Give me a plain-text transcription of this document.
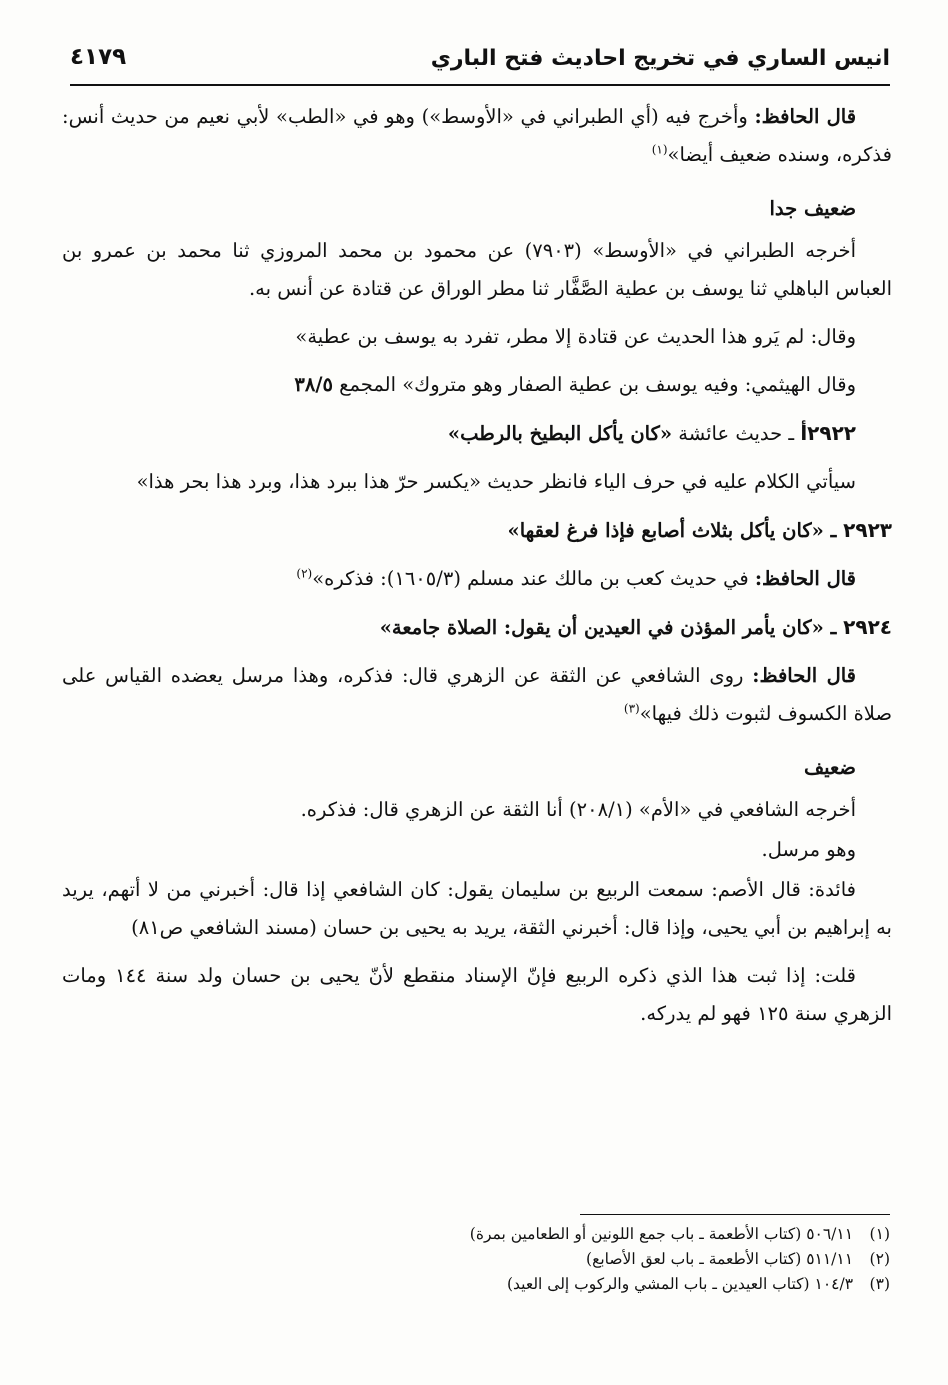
٤١٧٩	انيس الساري في تخريج احاديث فتح الباري

قال الحافظ: وأخرج فيه (أي الطبراني في «الأوسط») وهو في «الطب» لأبي نعيم من حديث أنس: فذكره، وسنده ضعيف أيضا»$^{(١)}$

ضعيف جدا

أخرجه الطبراني في «الأوسط» (٧٩٠٣) عن محمود بن محمد المروزي ثنا محمد بن عمرو بن العباس الباهلي ثنا يوسف بن عطية الصَّفَّار ثنا مطر الوراق عن قتادة عن أنس به.

وقال: لم يَرو هذا الحديث عن قتادة إلا مطر، تفرد به يوسف بن عطية»

وقال الهيثمي: وفيه يوسف بن عطية الصفار وهو متروك» المجمع ٣٨/٥

٢٩٢٢أ ـ حديث عائشة «كان يأكل البطيخ بالرطب»

سيأتي الكلام عليه في حرف الياء فانظر حديث «يكسر حرّ هذا ببرد هذا، وبرد هذا بحر هذا»

٢٩٢٣ ـ «كان يأكل بثلاث أصابع فإذا فرغ لعقها»

قال الحافظ: في حديث كعب بن مالك عند مسلم (١٦٠٥/٣): فذكره»$^{(٢)}$

٢٩٢٤ ـ «كان يأمر المؤذن في العيدين أن يقول: الصلاة جامعة»

قال الحافظ: روى الشافعي عن الثقة عن الزهري قال: فذكره، وهذا مرسل يعضده القياس على صلاة الكسوف لثبوت ذلك فيها»$^{(٣)}$

ضعيف

أخرجه الشافعي في «الأم» (٢٠٨/١) أنا الثقة عن الزهري قال: فذكره.

وهو مرسل.

فائدة: قال الأصم: سمعت الربيع بن سليمان يقول: كان الشافعي إذا قال: أخبرني من لا أتهم، يريد به إبراهيم بن أبي يحيى، وإذا قال: أخبرني الثقة، يريد به يحيى بن حسان (مسند الشافعي ص٨١)

قلت: إذا ثبت هذا الذي ذكره الربيع فإنّ الإسناد منقطع لأنّ يحيى بن حسان ولد سنة ١٤٤ ومات الزهري سنة ١٢٥ فهو لم يدركه.

(١) ٥٠٦/١١ (كتاب الأطعمة ـ باب جمع اللونين أو الطعامين بمرة)
(٢) ٥١١/١١ (كتاب الأطعمة ـ باب لعق الأصابع)
(٣) ١٠٤/٣ (كتاب العيدين ـ باب المشي والركوب إلى العيد)
